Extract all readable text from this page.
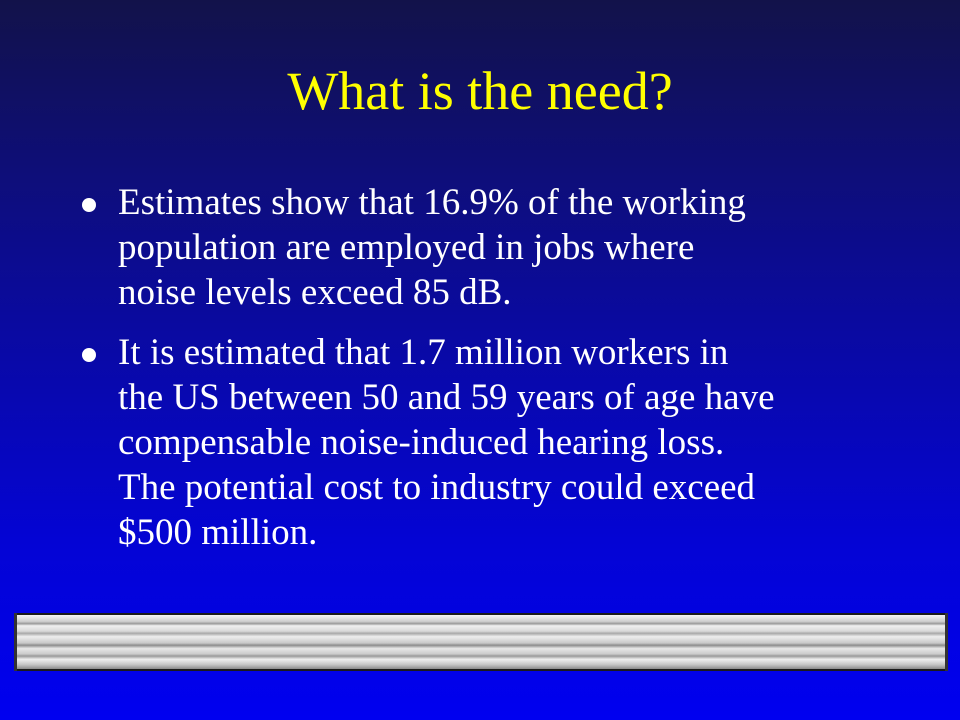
What is the need?
Estimates show that 16.9% of the working
population are employed in jobs where
noise levels exceed 85 dB.
It is estimated that 1.7 million workers in
the US between 50 and 59 years of age have
compensable noise-induced hearing loss.
The potential cost to industry could exceed
$500 million.
